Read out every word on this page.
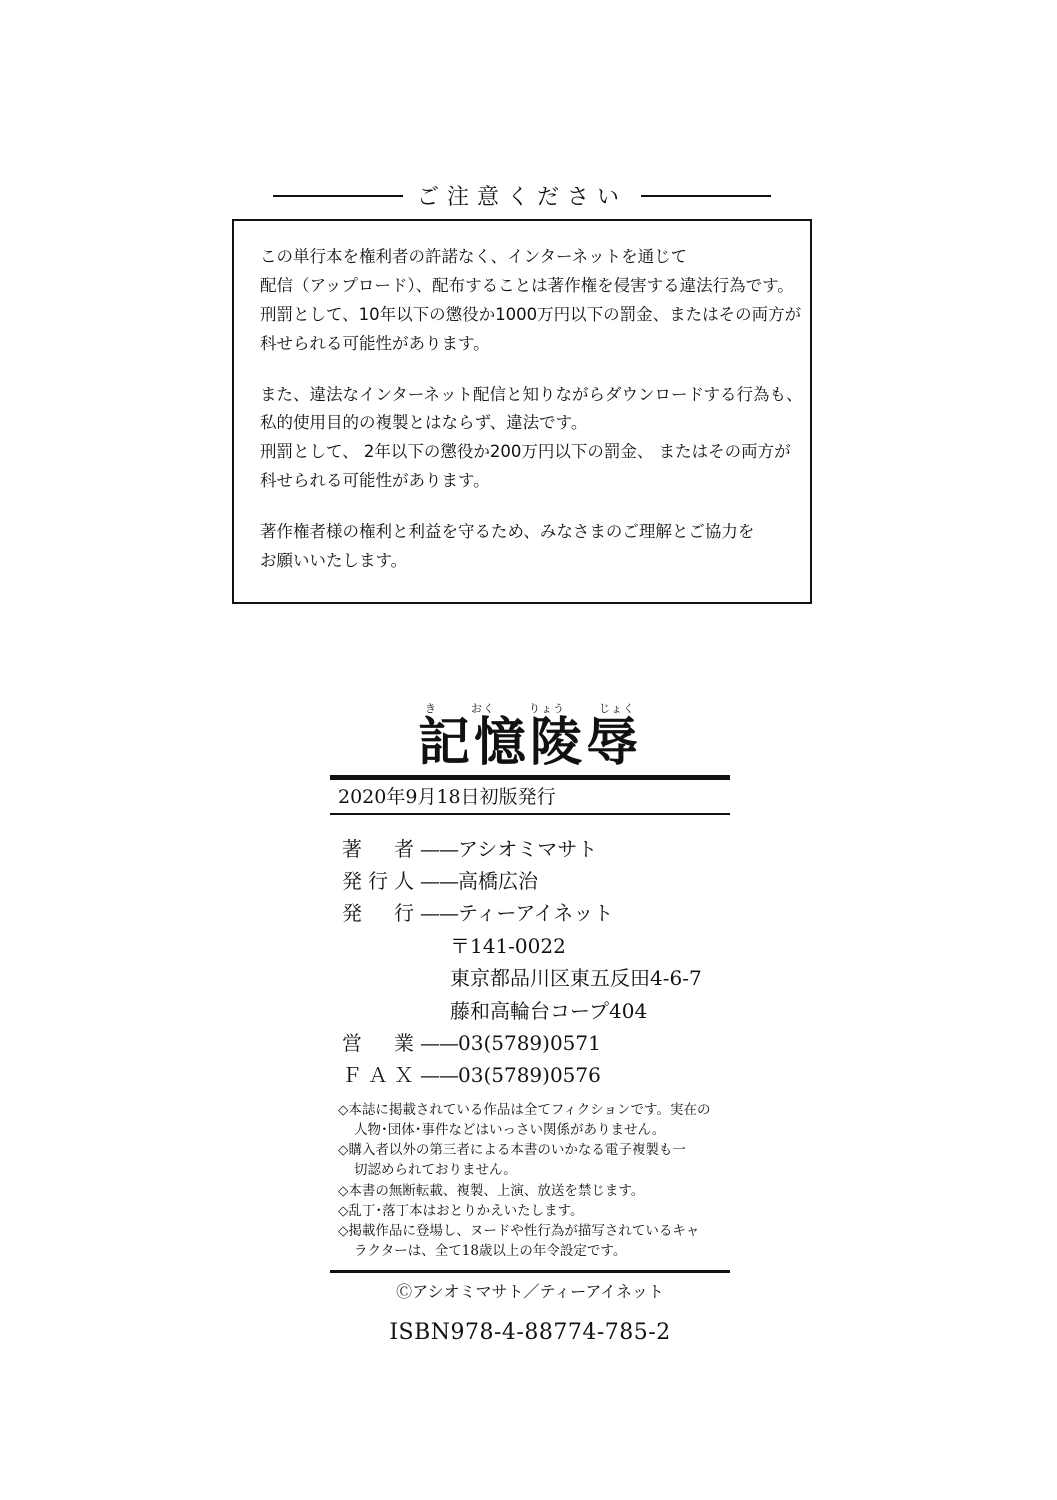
ご注意ください
この単行本を権利者の許諾なく、インターネットを通じて
配信（アップロード）、配布することは著作権を侵害する違法行為です。
刑罰として、10年以下の懲役か1000万円以下の罰金、またはその両方が
科せられる可能性があります。
また、違法なインターネット配信と知りながらダウンロードする行為も、
私的使用目的の複製とはならず、違法です。
刑罰として、 2年以下の懲役か200万円以下の罰金、 またはその両方が
科せられる可能性があります。
著作権者様の権利と利益を守るため、みなさまのご理解とご協力を
お願いいたします。
き	おく	りょう	じょく
記憶陵辱
2020年9月18日初版発行
著　者——アシオミマサト
発行人——高橋広治
発　行——ティーアイネット
〒141-0022
東京都品川区東五反田4-6-7
藤和高輪台コープ404
営　業——03(5789)0571
ＦＡＸ——03(5789)0576
◇本誌に掲載されている作品は全てフィクションです。実在の
人物･団体･事件などはいっさい関係がありません。
◇購入者以外の第三者による本書のいかなる電子複製も一
切認められておりません。
◇本書の無断転載、複製、上演、放送を禁じます。
◇乱丁･落丁本はおとりかえいたします。
◇掲載作品に登場し、ヌードや性行為が描写されているキャ
ラクターは、全て18歳以上の年令設定です。
Ⓒアシオミマサト／ティーアイネット
ISBN978-4-88774-785-2
